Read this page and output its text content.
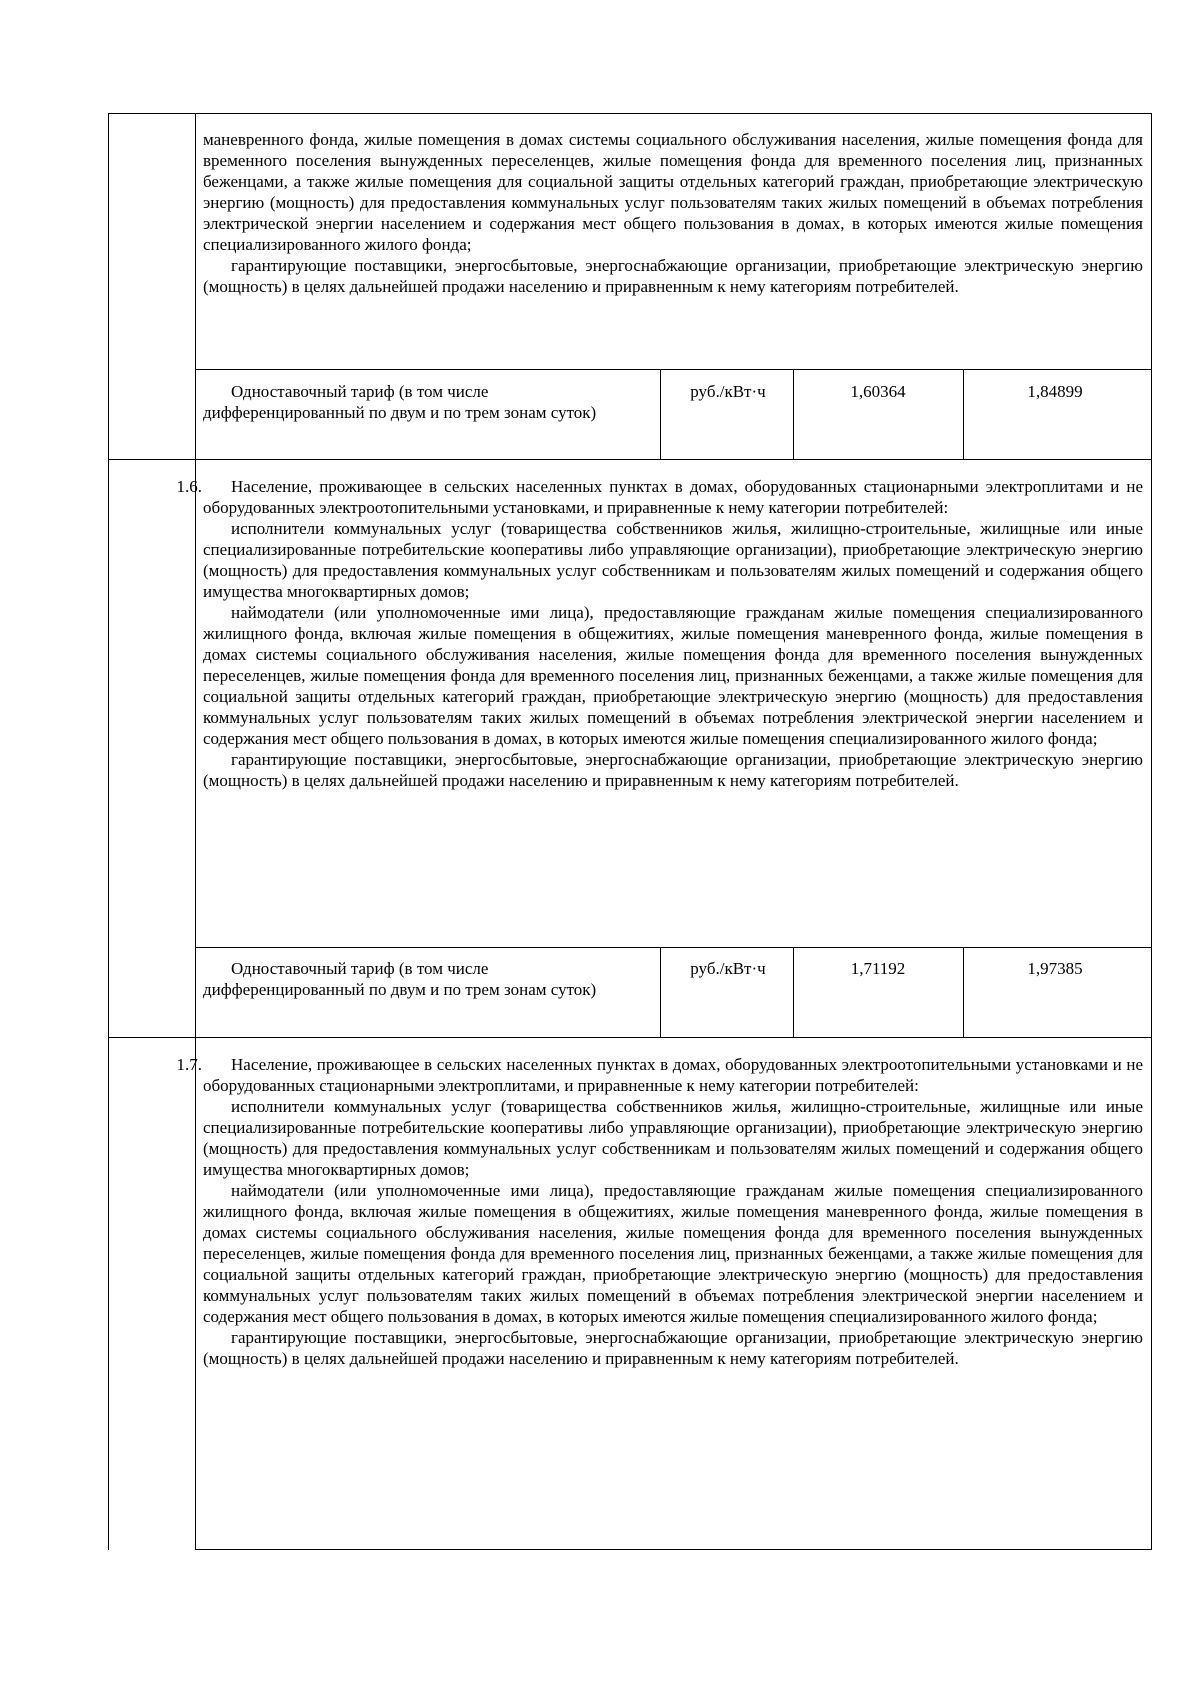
маневренного фонда, жилые помещения в домах системы социального обслуживания населения, жилые помещения фонда для временного поселения вынужденных переселенцев, жилые помещения фонда для временного поселения лиц, признанных беженцами, а также жилые помещения для социальной защиты отдельных категорий граждан, приобретающие электрическую энергию (мощность) для предоставления коммунальных услуг пользователям таких жилых помещений в объемах потребления электрической энергии населением и содержания мест общего пользования в домах, в которых имеются жилые помещения специализированного жилого фонда;

гарантирующие поставщики, энергосбытовые, энергоснабжающие организации, приобретающие электрическую энергию (мощность) в целях дальнейшей продажи населению и приравненным к нему категориям потребителей.

Одноставочный тариф (в том числе дифференцированный по двум и по трем зонам суток)

руб./кВт·ч	1,60364	1,84899
1.6.	Население, проживающее в сельских населенных пунктах в домах, оборудованных стационарными электроплитами и не оборудованных электроотопительными установками, и приравненные к нему категории потребителей:

исполнители коммунальных услуг (товарищества собственников жилья, жилищно-строительные, жилищные или иные специализированные потребительские кооперативы либо управляющие организации), приобретающие электрическую энергию (мощность) для предоставления коммунальных услуг собственникам и пользователям жилых помещений и содержания общего имущества многоквартирных домов;

наймодатели (или уполномоченные ими лица), предоставляющие гражданам жилые помещения специализированного жилищного фонда, включая жилые помещения в общежитиях, жилые помещения маневренного фонда, жилые помещения в домах системы социального обслуживания населения, жилые помещения фонда для временного поселения вынужденных переселенцев, жилые помещения фонда для временного поселения лиц, признанных беженцами, а также жилые помещения для социальной защиты отдельных категорий граждан, приобретающие электрическую энергию (мощность) для предоставления коммунальных услуг пользователям таких жилых помещений в объемах потребления электрической энергии населением и содержания мест общего пользования в домах, в которых имеются жилые помещения специализированного жилого фонда;

гарантирующие поставщики, энергосбытовые, энергоснабжающие организации, приобретающие электрическую энергию (мощность) в целях дальнейшей продажи населению и приравненным к нему категориям потребителей.

Одноставочный тариф (в том числе дифференцированный по двум и по трем зонам суток)

руб./кВт·ч	1,71192	1,97385
1.7.	Население, проживающее в сельских населенных пунктах в домах, оборудованных электроотопительными установками и не оборудованных стационарными электроплитами, и приравненные к нему категории потребителей:

исполнители коммунальных услуг (товарищества собственников жилья, жилищно-строительные, жилищные или иные специализированные потребительские кооперативы либо управляющие организации), приобретающие электрическую энергию (мощность) для предоставления коммунальных услуг собственникам и пользователям жилых помещений и содержания общего имущества многоквартирных домов;

наймодатели (или уполномоченные ими лица), предоставляющие гражданам жилые помещения специализированного жилищного фонда, включая жилые помещения в общежитиях, жилые помещения маневренного фонда, жилые помещения в домах системы социального обслуживания населения, жилые помещения фонда для временного поселения вынужденных переселенцев, жилые помещения фонда для временного поселения лиц, признанных беженцами, а также жилые помещения для социальной защиты отдельных категорий граждан, приобретающие электрическую энергию (мощность) для предоставления коммунальных услуг пользователям таких жилых помещений в объемах потребления электрической энергии населением и содержания мест общего пользования в домах, в которых имеются жилые помещения специализированного жилого фонда;

гарантирующие поставщики, энергосбытовые, энергоснабжающие организации, приобретающие электрическую энергию (мощность) в целях дальнейшей продажи населению и приравненным к нему категориям потребителей.
